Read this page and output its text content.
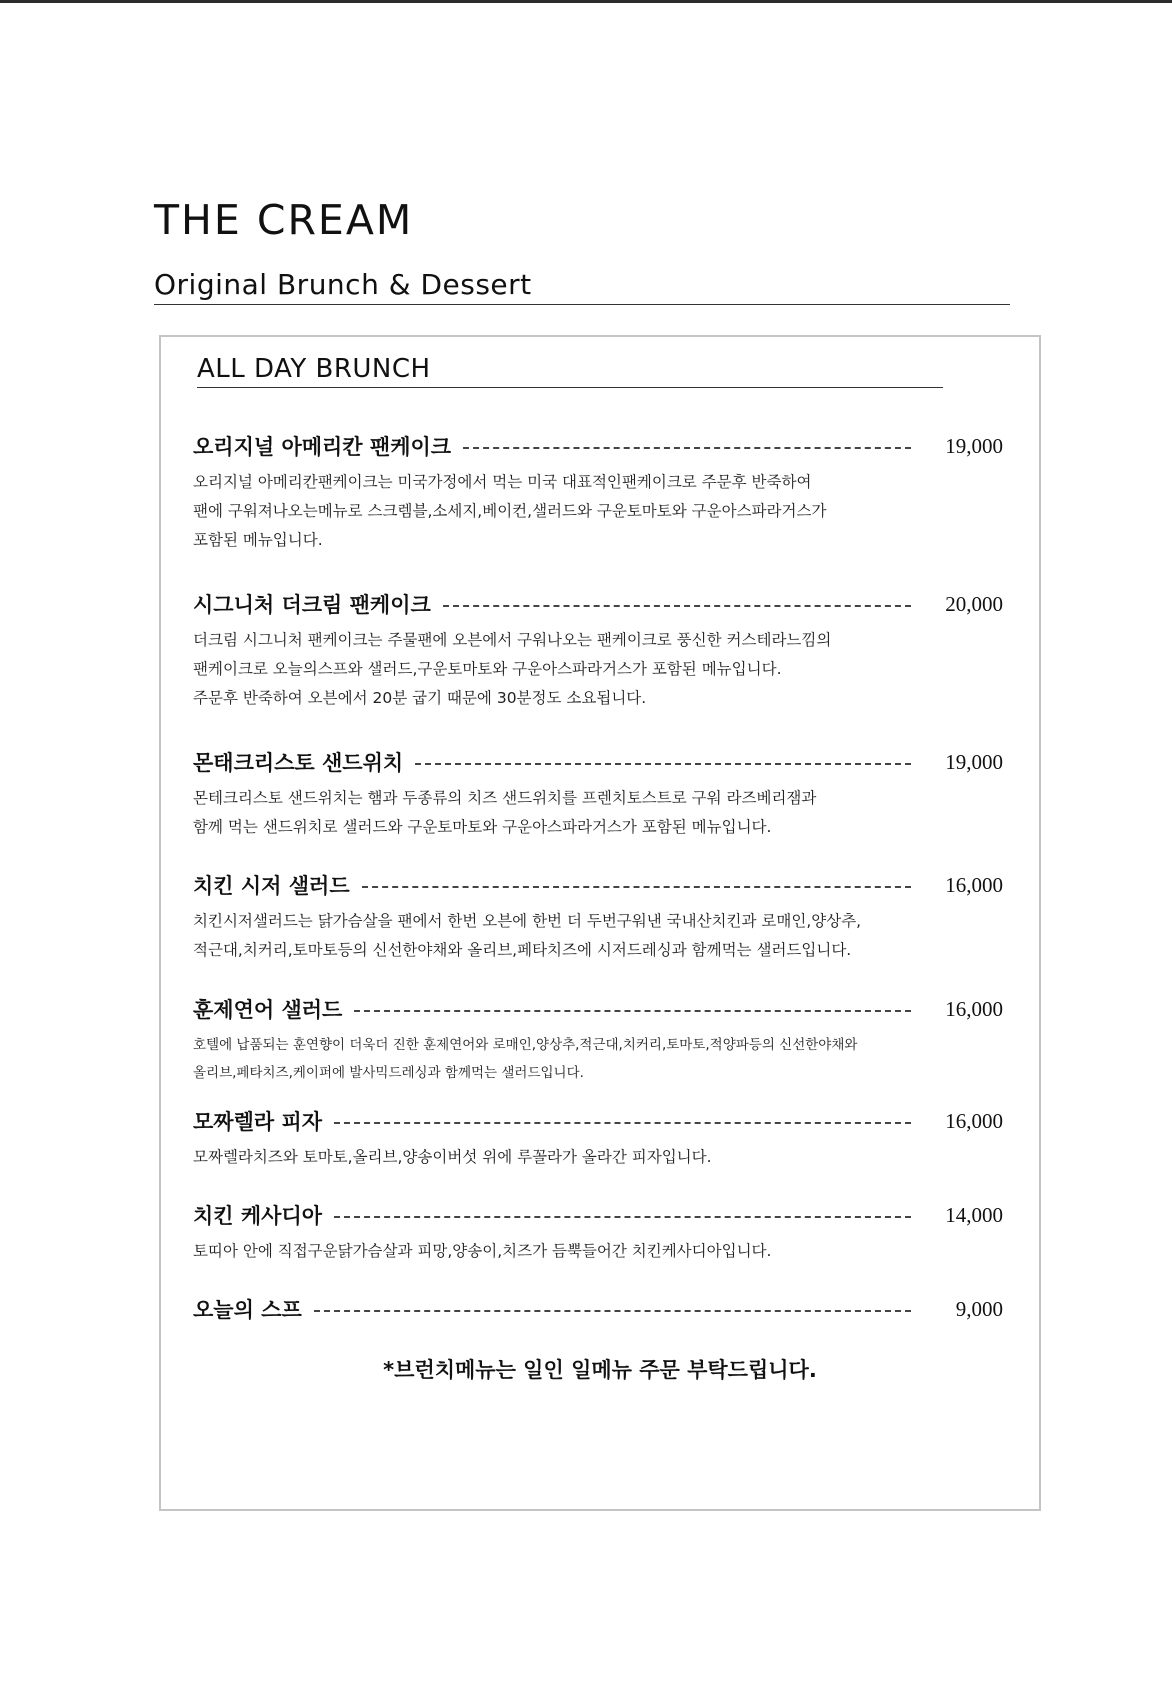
THE CREAM
Original Brunch & Dessert
ALL DAY BRUNCH
오리지널 아메리칸 팬케이크	19,000
오리지널 아메리칸팬케이크는 미국가정에서 먹는 미국 대표적인팬케이크로 주문후 반죽하여
팬에 구워져나오는메뉴로 스크렘블,소세지,베이컨,샐러드와 구운토마토와 구운아스파라거스가
포함된 메뉴입니다.
시그니처 더크림 팬케이크	20,000
더크림 시그니처 팬케이크는 주물팬에 오븐에서 구워나오는 팬케이크로 풍신한 커스테라느낌의
팬케이크로 오늘의스프와 샐러드,구운토마토와 구운아스파라거스가 포함된 메뉴입니다.
주문후 반죽하여 오븐에서 20분 굽기 때문에 30분정도 소요됩니다.
몬태크리스토 샌드위치	19,000
몬테크리스토 샌드위치는 햄과 두종류의 치즈 샌드위치를 프렌치토스트로 구워 라즈베리잼과
함께 먹는 샌드위치로 샐러드와 구운토마토와 구운아스파라거스가 포함된 메뉴입니다.
치킨 시저 샐러드	16,000
치킨시저샐러드는 닭가슴살을 팬에서 한번 오븐에 한번 더 두번구워낸 국내산치킨과 로매인,양상추,
적근대,치커리,토마토등의 신선한야채와 올리브,페타치즈에 시저드레싱과 함께먹는 샐러드입니다.
훈제연어 샐러드	16,000
호텔에 납품되는 훈연향이 더욱더 진한 훈제연어와 로매인,양상추,적근대,치커리,토마토,적양파등의 신선한야채와
올리브,페타치즈,케이퍼에 발사믹드레싱과 함께먹는 샐러드입니다.
모짜렐라 피자	16,000
모짜렐라치즈와 토마토,올리브,양송이버섯 위에 루꼴라가 올라간 피자입니다.
치킨 케사디아	14,000
토띠아 안에 직접구운닭가슴살과 피망,양송이,치즈가 듬뿍들어간 치킨케사디아입니다.
오늘의 스프	9,000
*브런치메뉴는 일인 일메뉴 주문 부탁드립니다.
